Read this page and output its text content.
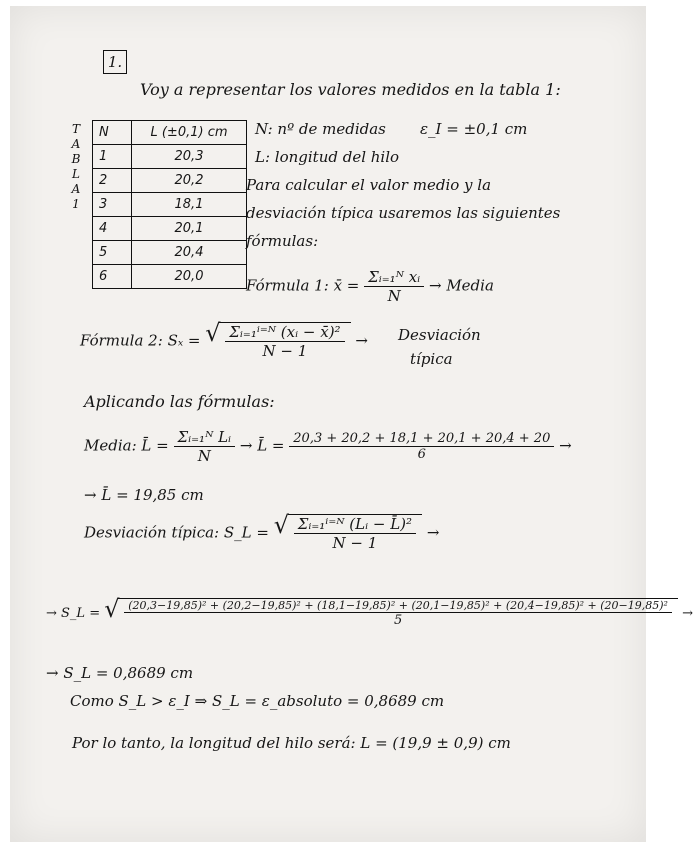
1.
Voy a representar los valores medidos en la tabla 1:
T
A
B
L
A
1
N	L (±0,1) cm
1	20,3
2	20,2
3	18,1
4	20,1
5	20,4
6	20,0
N: nº de medidas ε_I = ±0,1 cm
L: longitud del hilo
Para calcular el valor medio y la
desviación típica usaremos las siguientes
fórmulas:
Fórmula 1: x̄ = $\frac{\text{Σᵢ₌₁ᴺ xᵢ}}{N}$ → Media
Fórmula 2: Sₓ = √ $\frac{\text{Σᵢ₌₁ⁱ⁼ᴺ (xᵢ − x̄)²}}{N - 1}$ → Desviación
típica
Aplicando las fórmulas:
Media: L̄ = $\frac{\text{Σᵢ₌₁ᴺ Lᵢ}}{N}$ → L̄ = $\frac{20,3 + 20,2 + 18,1 + 20,1 + 20,4 + 20}{6}$ →
→ L̄ = 19,85 cm
Desviación típica: S_L = √ $\frac{\text{Σᵢ₌₁ⁱ⁼ᴺ (Lᵢ − L̄)²}}{N - 1}$ →
→ S_L =
√ (20,3−19,85)² + (20,2−19,85)² + (18,1−19,85)² + (20,1−19,85)² + (20,4−19,85)² + (20−19,85)²
5	→
→ S_L = 0,8689 cm
Como S_L > ε_I ⇒ S_L = ε_absoluto = 0,8689 cm
Por lo tanto, la longitud del hilo será: L = (19,9 ± 0,9) cm
